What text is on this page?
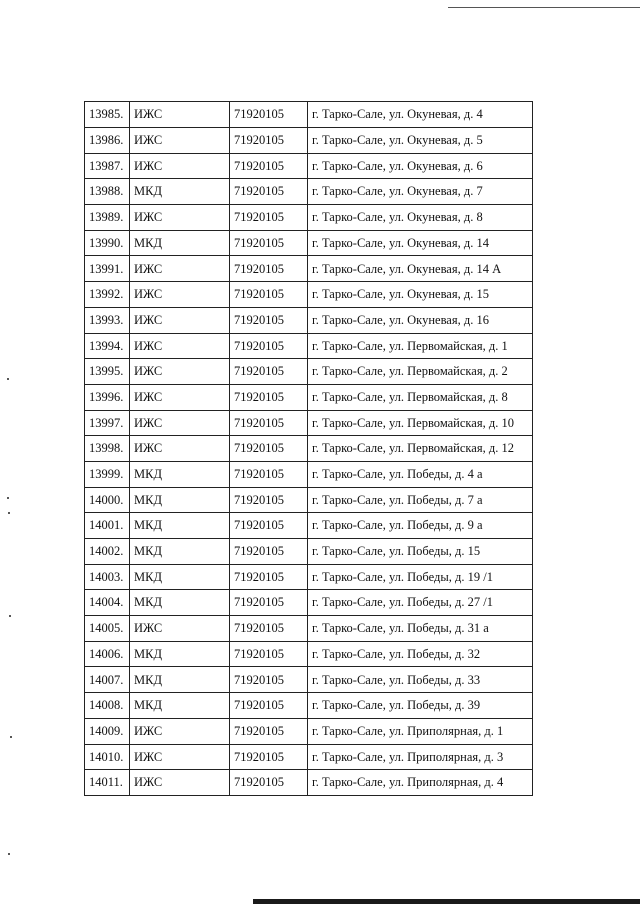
13985.	ИЖС	71920105	г. Тарко-Сале, ул. Окуневая, д. 4
13986.	ИЖС	71920105	г. Тарко-Сале, ул. Окуневая, д. 5
13987.	ИЖС	71920105	г. Тарко-Сале, ул. Окуневая, д. 6
13988.	МКД	71920105	г. Тарко-Сале, ул. Окуневая, д. 7
13989.	ИЖС	71920105	г. Тарко-Сале, ул. Окуневая, д. 8
13990.	МКД	71920105	г. Тарко-Сале, ул. Окуневая, д. 14
13991.	ИЖС	71920105	г. Тарко-Сале, ул. Окуневая, д. 14 А
13992.	ИЖС	71920105	г. Тарко-Сале, ул. Окуневая, д. 15
13993.	ИЖС	71920105	г. Тарко-Сале, ул. Окуневая, д. 16
13994.	ИЖС	71920105	г. Тарко-Сале, ул. Первомайская, д. 1
13995.	ИЖС	71920105	г. Тарко-Сале, ул. Первомайская, д. 2
13996.	ИЖС	71920105	г. Тарко-Сале, ул. Первомайская, д. 8
13997.	ИЖС	71920105	г. Тарко-Сале, ул. Первомайская, д. 10
13998.	ИЖС	71920105	г. Тарко-Сале, ул. Первомайская, д. 12
13999.	МКД	71920105	г. Тарко-Сале, ул. Победы, д. 4 а
14000.	МКД	71920105	г. Тарко-Сале, ул. Победы, д. 7 а
14001.	МКД	71920105	г. Тарко-Сале, ул. Победы, д. 9 а
14002.	МКД	71920105	г. Тарко-Сале, ул. Победы, д. 15
14003.	МКД	71920105	г. Тарко-Сале, ул. Победы, д. 19 /1
14004.	МКД	71920105	г. Тарко-Сале, ул. Победы, д. 27 /1
14005.	ИЖС	71920105	г. Тарко-Сале, ул. Победы, д. 31 а
14006.	МКД	71920105	г. Тарко-Сале, ул. Победы, д. 32
14007.	МКД	71920105	г. Тарко-Сале, ул. Победы, д. 33
14008.	МКД	71920105	г. Тарко-Сале, ул. Победы, д. 39
14009.	ИЖС	71920105	г. Тарко-Сале, ул. Приполярная, д. 1
14010.	ИЖС	71920105	г. Тарко-Сале, ул. Приполярная, д. 3
14011.	ИЖС	71920105	г. Тарко-Сале, ул. Приполярная, д. 4
